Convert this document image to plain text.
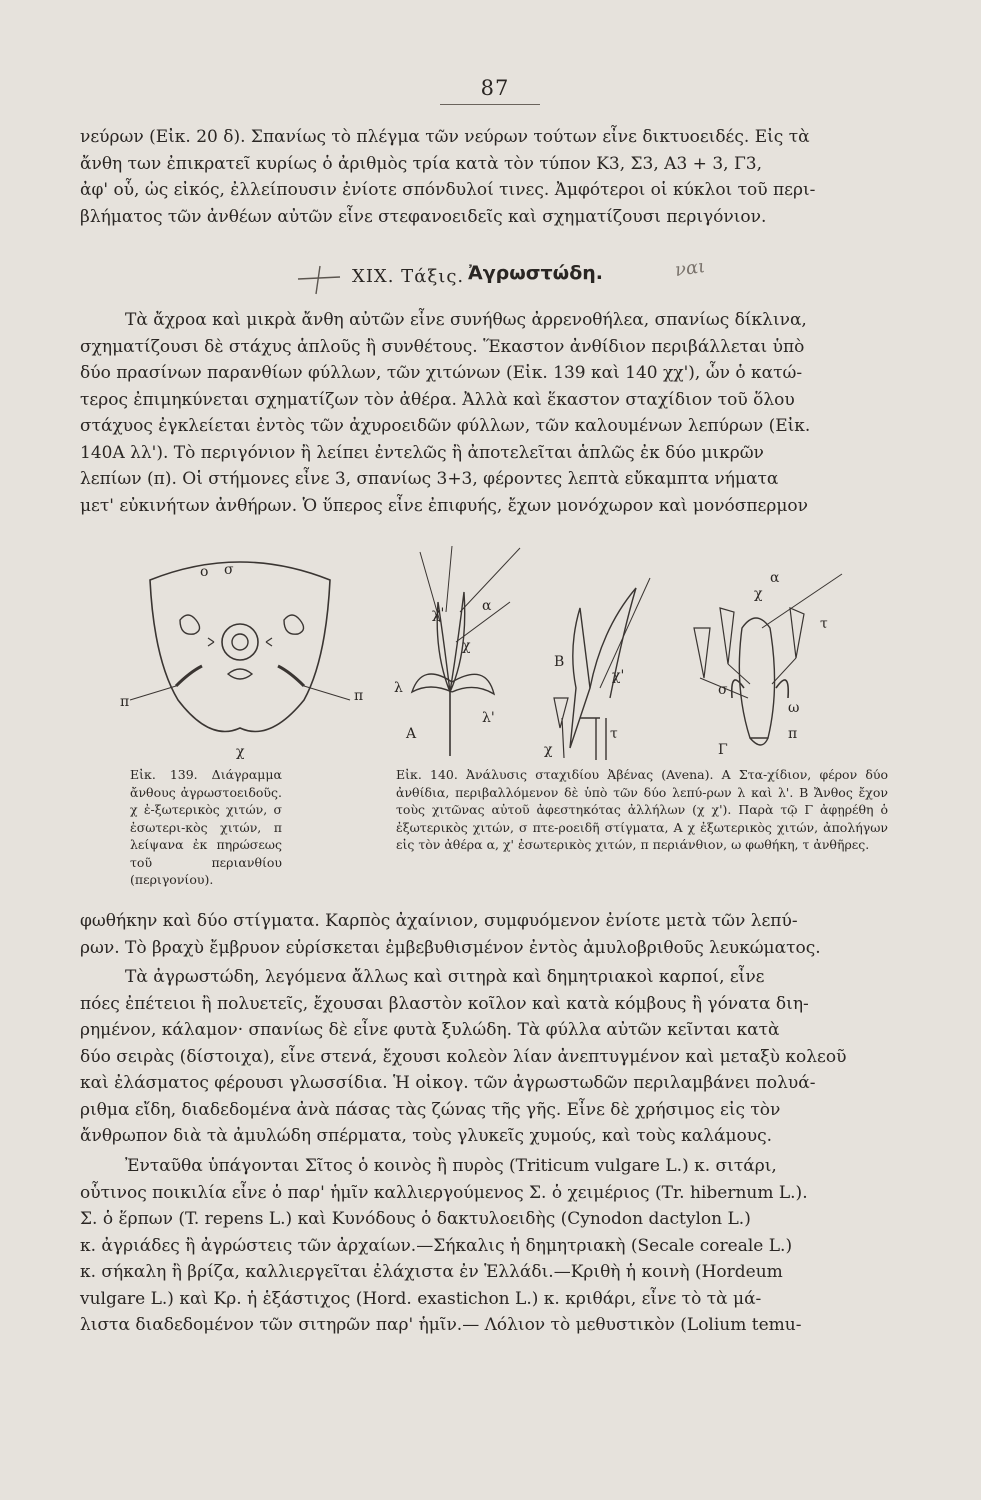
87

νεύρων (Εἰκ. 20 δ). Σπανίως τὸ πλέγμα τῶν νεύρων τούτων εἶνε δικτυοειδές. Εἰς τὰ

ἄνθη των ἐπικρατεῖ κυρίως ὁ ἀριθμὸς τρία κατὰ τὸν τύπον Κ3, Σ3, Α3 + 3, Γ3,

ἀφ' οὗ, ὡς εἰκός, ἐλλείπουσιν ἐνίοτε σπόνδυλοί τινες. Ἀμφότεροι οἱ κύκλοι τοῦ περι-

βλήματος τῶν ἀνθέων αὐτῶν εἶνε στεφανοειδεῖς καὶ σχηματίζουσι περιγόνιον.

XIX. Τάξις. Ἀγρωστώδη.	ναι

Τὰ ἄχροα καὶ μικρὰ ἄνθη αὐτῶν εἶνε συνήθως ἀρρενοθήλεα, σπανίως δίκλινα,

σχηματίζουσι δὲ στάχυς ἁπλοῦς ἢ συνθέτους. Ἕκαστον ἀνθίδιον περιβάλλεται ὑπὸ

δύο πρασίνων παρανθίων φύλλων, τῶν χιτώνων (Εἰκ. 139 καὶ 140 χχ'), ὧν ὁ κατώ-

τερος ἐπιμηκύνεται σχηματίζων τὸν ἀθέρα. Ἀλλὰ καὶ ἕκαστον σταχίδιον τοῦ ὅλου

στάχυος ἐγκλείεται ἐντὸς τῶν ἀχυροειδῶν φύλλων, τῶν καλουμένων λεπύρων (Εἰκ.

140Α λλ'). Τὸ περιγόνιον ἢ λείπει ἐντελῶς ἢ ἀποτελεῖται ἁπλῶς ἐκ δύο μικρῶν

λεπίων (π). Οἱ στήμονες εἶνε 3, σπανίως 3+3, φέροντες λεπτὰ εὔκαμπτα νήματα

μετ' εὐκινήτων ἀνθήρων. Ὁ ὕπερος εἶνε ἐπιφυής, ἔχων μονόχωρον καὶ μονόσπερμον

ο σ
π	π
χ
α
χ'
χ
λ
λ'
Α
Β
χ'
χ
τ
α
χ
σ
ω
Γ
π
τ
Εἰκ. 139. Διάγραμμα ἄνθους ἀγρωστοειδοῦς. χ ἐ-ξωτερικὸς χιτών, σ ἐσωτερι-κὸς χιτών, π λείψανα ἐκ πηρώσεως τοῦ περιανθίου (περιγονίου).
Εἰκ. 140. Ἀνάλυσις σταχιδίου Ἀβένας (Avena). Α Στα-χίδιον, φέρον δύο ἀνθίδια, περιβαλλόμενον δὲ ὑπὸ τῶν δύο λεπύ-ρων λ καὶ λ'. Β Ἄνθος ἔχον τοὺς χιτῶνας αὐτοῦ ἀφεστηκότας ἀλλήλων (χ χ'). Παρὰ τῷ Γ ἀφῃρέθη ὁ ἐξωτερικὸς χιτών, σ πτε-ροειδῆ στίγματα, Α χ ἐξωτερικὸς χιτών, ἀπολήγων εἰς τὸν ἀθέρα α, χ' ἐσωτερικὸς χιτών, π περιάνθιον, ω φωθήκη, τ ἀνθῆρες.

φωθήκην καὶ δύο στίγματα. Καρπὸς ἀχαίνιον, συμφυόμενον ἐνίοτε μετὰ τῶν λεπύ-

ρων. Τὸ βραχὺ ἔμβρυον εὑρίσκεται ἐμβεβυθισμένον ἐντὸς ἀμυλοβριθοῦς λευκώματος.

Τὰ ἀγρωστώδη, λεγόμενα ἄλλως καὶ σιτηρὰ καὶ δημητριακοὶ καρποί, εἶνε

πόες ἐπέτειοι ἢ πολυετεῖς, ἔχουσαι βλαστὸν κοῖλον καὶ κατὰ κόμβους ἢ γόνατα διη-

ρημένον, κάλαμον· σπανίως δὲ εἶνε φυτὰ ξυλώδη. Τὰ φύλλα αὐτῶν κεῖνται κατὰ

δύο σειρὰς (δίστοιχα), εἶνε στενά, ἔχουσι κολεὸν λίαν ἀνεπτυγμένον καὶ μεταξὺ κολεοῦ

καὶ ἐλάσματος φέρουσι γλωσσίδια. Ἡ οἰκογ. τῶν ἀγρωστωδῶν περιλαμβάνει πολυά-

ριθμα εἴδη, διαδεδομένα ἀνὰ πάσας τὰς ζώνας τῆς γῆς. Εἶνε δὲ χρήσιμος εἰς τὸν

ἄνθρωπον διὰ τὰ ἀμυλώδη σπέρματα, τοὺς γλυκεῖς χυμούς, καὶ τοὺς καλάμους.

Ἐνταῦθα ὑπάγονται Σῖτος ὁ κοινὸς ἢ πυρὸς (Triticum vulgare L.) κ. σιτάρι,

οὗτινος ποικιλία εἶνε ὁ παρ' ἡμῖν καλλιεργούμενος Σ. ὁ χειμέριος (Tr. hibernum L.).

Σ. ὁ ἕρπων (T. repens L.) καὶ Κυνόδους ὁ δακτυλοειδὴς (Cynodon dactylon L.)

κ. ἀγριάδες ἢ ἀγρώστεις τῶν ἀρχαίων.—Σήκαλις ἡ δημητριακὴ (Secale coreale L.)

κ. σήκαλη ἢ βρίζα, καλλιεργεῖται ἐλάχιστα ἐν Ἑλλάδι.—Κριθὴ ἡ κοινὴ (Hordeum

vulgare L.) καὶ Κρ. ἡ ἑξάστιχος (Hord. exastichon L.) κ. κριθάρι, εἶνε τὸ τὰ μά-

λιστα διαδεδομένον τῶν σιτηρῶν παρ' ἡμῖν.— Λόλιον τὸ μεθυστικὸν (Lolium temu-
